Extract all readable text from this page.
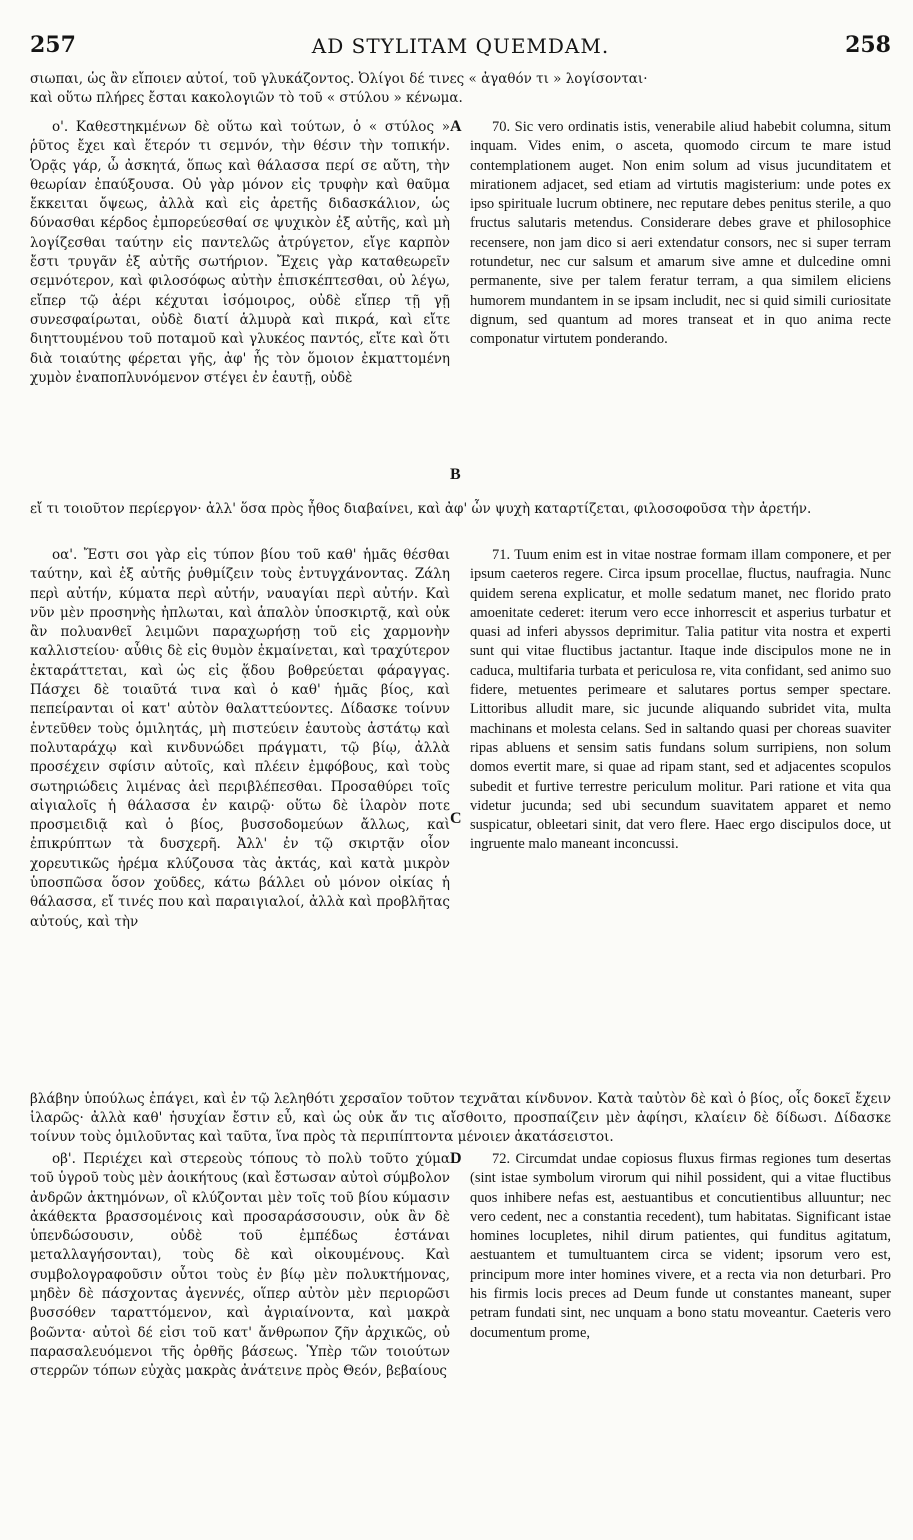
257	AD STYLITAM QUEMDAM.	258
σιωπαι, ὡς ἂν εἴποιεν αὐτοί, τοῦ γλυκάζοντος. Ὀλίγοι δέ τινες « ἀγαθόν τι » λογίσονται·
καὶ οὕτω πλήρες ἔσται κακολογιῶν τὸ τοῦ « στύλου » κένωμα.

ο'. Καθεστηκμένων δὲ οὕτω καὶ τούτων, ὁ « στύλος » ῥῦτος ἔχει καὶ ἕτερόν τι σεμνόν, τὴν θέσιν τὴν τοπικήν. Ὁρᾷς γάρ, ὦ ἀσκητά, ὅπως καὶ θάλασσα περί σε αὔτη, τὴν θεωρίαν ἐπαύξουσα. Οὐ γὰρ μόνον εἰς τρυφὴν καὶ θαῦμα ἔκκειται ὄψεως, ἀλλὰ καὶ εἰς ἀρετῆς διδασκάλιον, ὡς δύνασθαι κέρδος ἐμπορεύεσθαί σε ψυχικὸν ἐξ αὐτῆς, καὶ μὴ λογίζεσθαι ταύτην εἰς παντελῶς ἀτρύγετον, εἴγε καρπὸν ἔστι τρυγᾶν ἐξ αὐτῆς σωτήριον. Ἔχεις γὰρ καταθεωρεῖν σεμνότερον, καὶ φιλοσόφως αὐτὴν ἐπισκέπτεσθαι, οὐ λέγω, εἴπερ τῷ ἀέρι κέχυται ἰσόμοιρος, οὐδὲ εἴπερ τῇ γῇ συνεσφαίρωται, οὐδὲ διατί ἁλμυρὰ καὶ πικρά, καὶ εἴτε διηττουμένου τοῦ ποταμοῦ καὶ γλυκέος παντός, εἴτε καὶ ὅτι διὰ τοιαύτης φέρεται γῆς, ἀφ' ἧς τὸν ὅμοιον ἐκματτομένη χυμὸν ἐναποπλυνόμενον στέγει ἐν ἑαυτῇ, οὐδὲ

70. Sic vero ordinatis istis, venerabile aliud habebit columna, situm inquam. Vides enim, o asceta, quomodo circum te mare istud contemplationem auget. Non enim solum ad visus jucunditatem et mirationem adjacet, sed etiam ad virtutis magisterium: unde potes ex ipso spirituale lucrum obtinere, nec reputare debes penitus sterile, a quo fructus salutaris metendus. Considerare debes grave et philosophice recensere, non jam dico si aeri extendatur consors, nec si super terram rotundetur, nec cur salsum et amarum sive amne et dulcedine omni permanente, sive per talem feratur terram, a qua similem eliciens humorem mundantem in se ipsam includit, nec si quid simili curiositate dignum, sed quantum ad mores transeat et in quo anima recte componatur virtutem ponderando.

A
B
εἴ τι τοιοῦτον περίεργον· ἀλλ' ὅσα πρὸς ἦθος διαβαίνει, καὶ ἀφ' ὧν ψυχὴ καταρτίζεται, φιλοσοφοῦσα τὴν ἀρετήν.

οα'. Ἔστι σοι γὰρ εἰς τύπον βίου τοῦ καθ' ἡμᾶς θέσθαι ταύτην, καὶ ἐξ αὐτῆς ῥυθμίζειν τοὺς ἐντυγχάνοντας. Ζάλη περὶ αὐτήν, κύματα περὶ αὐτήν, ναυαγίαι περὶ αὐτήν. Καὶ νῦν μὲν προσηνὴς ἠπλωται, καὶ ἁπαλὸν ὑποσκιρτᾷ, καὶ οὐκ ἂν πολυανθεῖ λειμῶνι παραχωρήσῃ τοῦ εἰς χαρμονὴν καλλιστείου· αὖθις δὲ εἰς θυμὸν ἐκμαίνεται, καὶ τραχύτερον ἐκταράττεται, καὶ ὡς εἰς ᾅδου βοθρεύεται φάραγγας. Πάσχει δὲ τοιαῦτά τινα καὶ ὁ καθ' ἡμᾶς βίος, καὶ πεπείρανται οἱ κατ' αὐτὸν θαλαττεύοντες. Δίδασκε τοίνυν ἐντεῦθεν τοὺς ὁμιλητάς, μὴ πιστεύειν ἑαυτοὺς ἀστάτῳ καὶ πολυταράχῳ καὶ κινδυνώδει πράγματι, τῷ βίῳ, ἀλλὰ προσέχειν σφίσιν αὐτοῖς, καὶ πλέειν ἐμφόβους, καὶ τοὺς σωτηριώδεις λιμένας ἀεὶ περιβλέπεσθαι. Προσαθύρει τοῖς αἰγιαλοῖς ἡ θάλασσα ἐν καιρῷ· οὕτω δὲ ἱλαρὸν ποτε προσμειδιᾷ καὶ ὁ βίος, βυσσοδομεύων ἄλλως, καὶ ἐπικρύπτων τὰ δυσχερῆ. Ἀλλ' ἐν τῷ σκιρτᾷν οἷον χορευτικῶς ἠρέμα κλύζουσα τὰς ἀκτάς, καὶ κατὰ μικρὸν ὑποσπῶσα ὅσον χοῦδες, κάτω βάλλει οὐ μόνον οἰκίας ἡ θάλασσα, εἴ τινές που καὶ παραιγιαλοί, ἀλλὰ καὶ προβλῆτας αὐτούς, καὶ τὴν

71. Tuum enim est in vitae nostrae formam illam componere, et per ipsum caeteros regere. Circa ipsum procellae, fluctus, naufragia. Nunc quidem serena explicatur, et molle sedatum manet, nec florido prato amoenitate cederet: iterum vero ecce inhorrescit et asperius turbatur et quasi ad inferi abyssos deprimitur. Talia patitur vita nostra et experti sunt qui vitae fluctibus jactantur. Itaque inde discipulos mone ne in caduca, multifaria turbata et periculosa re, vita confidant, sed animo suo fidere, metuentes perimeare et salutares portus semper spectare. Littoribus alludit mare, sic jucunde aliquando subridet vita, multa machinans et molesta celans. Sed in saltando quasi per choreas suaviter ripas abluens et sensim satis fundans solum surripiens, non solum domos evertit mare, si quae ad ripam stant, sed et adjacentes scopulos subedit et furtive terrestre periculum molitur. Pari ratione et vita qua videtur jucunda; sed ubi secundum suavitatem apparet et nemo suspicatur, obleetari sinit, dat vero flere. Haec ergo discipulos doce, ut ingruente malo maneant inconcussi.

C
βλάβην ὑπούλως ἐπάγει, καὶ ἐν τῷ λεληθότι χερσαῖον τοῦτον τεχνᾶται κίνδυνον. Κατὰ ταὐτὸν δὲ καὶ ὁ βίος, οἷς δοκεῖ ἔχειν ἱλαρῶς· ἀλλὰ καθ' ἡσυχίαν ἔστιν εὖ, καὶ ὡς οὐκ ἄν τις αἴσθοιτο, προσπαίζειν μὲν ἀφίησι, κλαίειν δὲ δίδωσι. Δίδασκε τοίνυν τοὺς ὁμιλοῦντας καὶ ταῦτα, ἵνα πρὸς τὰ περιπίπτοντα μένοιεν ἀκατάσειστοι.

οβ'. Περιέχει καὶ στερεοὺς τόπους τὸ πολὺ τοῦτο χύμα τοῦ ὑγροῦ τοὺς μὲν ἀοικήτους (καὶ ἔστωσαν αὐτοὶ σύμβολον ἀνδρῶν ἀκτημόνων, οἳ κλύζονται μὲν τοῖς τοῦ βίου κύμασιν ἀκάθεκτα βρασσομένοις καὶ προσαράσσουσιν, οὐκ ἂν δὲ ὑπενδώσουσιν, οὐδὲ τοῦ ἐμπέδως ἑστάναι μεταλλαγήσονται), τοὺς δὲ καὶ οἰκουμένους. Καὶ συμβολογραφοῦσιν οὗτοι τοὺς ἐν βίῳ μὲν πολυκτήμονας, μηδὲν δὲ πάσχοντας ἀγεννές, οἵπερ αὐτὸν μὲν περιορῶσι βυσσόθεν ταραττόμενον, καὶ ἀγριαίνοντα, καὶ μακρὰ βοῶντα· αὐτοὶ δέ εἰσι τοῦ κατ' ἄνθρωπον ζῆν ἀρχικῶς, οὐ παρασαλευόμενοι τῆς ὀρθῆς βάσεως. Ὑπὲρ τῶν τοιούτων στερρῶν τόπων εὐχὰς μακρὰς ἀνάτεινε πρὸς Θεόν, βεβαίους

72. Circumdat undae copiosus fluxus firmas regiones tum desertas (sint istae symbolum virorum qui nihil possident, qui a vitae fluctibus quos inhibere nefas est, aestuantibus et concutientibus alluuntur; nec vero cedent, nec a constantia recedent), tum habitatas. Significant istae homines locupletes, nihil dirum patientes, qui funditus agitatum, aestuantem et tumultuantem circa se vident; ipsorum vero est, principum more inter homines vivere, et a recta via non deturbari. Pro his firmis locis preces ad Deum funde ut constantes maneant, super petram fundati sint, nec unquam a bono statu moveantur. Caeteris vero documentum prome,

D
